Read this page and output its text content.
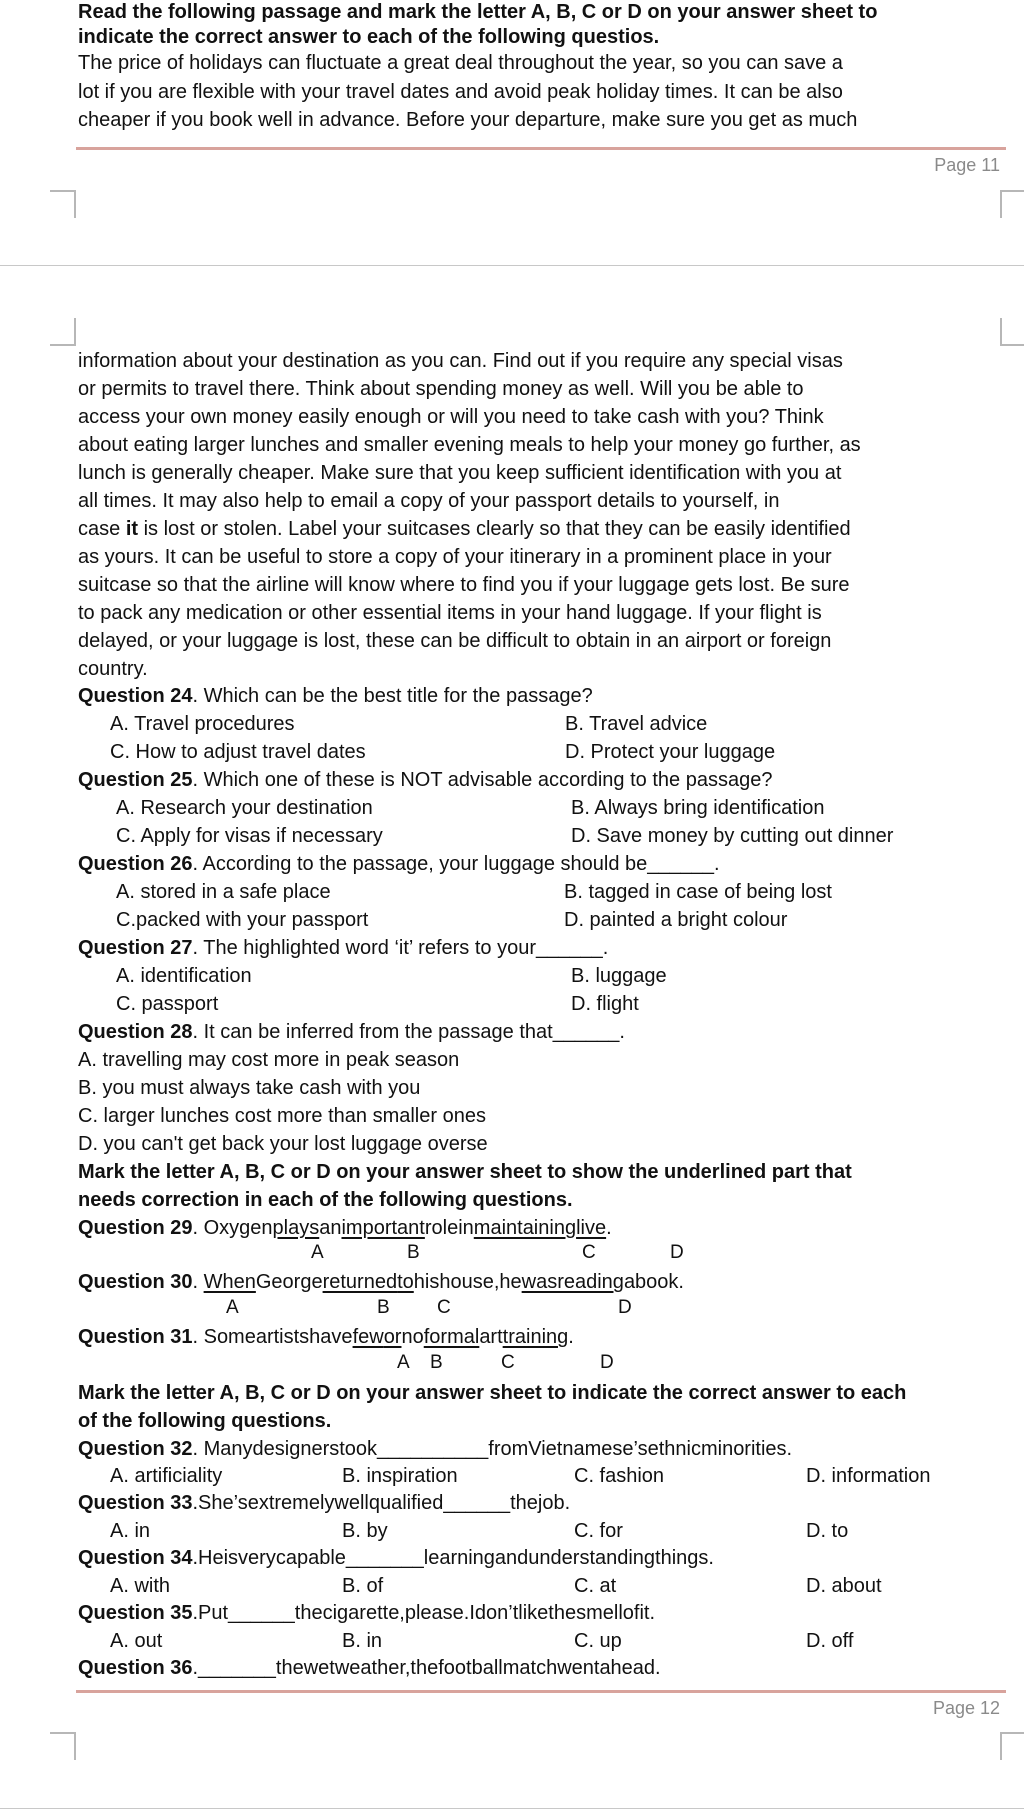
Read the following passage and mark the letter A, B, C or D on your answer sheet to
indicate the correct answer to each of the following questios.
The price of holidays can fluctuate a great deal throughout the year, so you can save a
lot if you are flexible with your travel dates and avoid peak holiday times. It can be also
cheaper if you book well in advance. Before your departure, make sure you get as much
Page 11
information about your destination as you can. Find out if you require any special visas
or permits to travel there. Think about spending money as well. Will you be able to
access your own money easily enough or will you need to take cash with you? Think
about eating larger lunches and smaller evening meals to help your money go further, as
lunch is generally cheaper. Make sure that you keep sufficient identification with you at
all times. It may also help to email a copy of your passport details to yourself, in
case it is lost or stolen. Label your suitcases clearly so that they can be easily identified
as yours. It can be useful to store a copy of your itinerary in a prominent place in your
suitcase so that the airline will know where to find you if your luggage gets lost. Be sure
to pack any medication or other essential items in your hand luggage. If your flight is
delayed, or your luggage is lost, these can be difficult to obtain in an airport or foreign
country.
Question 24. Which can be the best title for the passage?
A. Travel procedures	B. Travel advice
C. How to adjust travel dates	D. Protect your luggage
Question 25. Which one of these is NOT advisable according to the passage?
A. Research your destination	B. Always bring identification
C. Apply for visas if necessary	D. Save money by cutting out dinner
Question 26. According to the passage, your luggage should be______.
A. stored in a safe place	B. tagged in case of being lost
C.packed with your passport	D. painted a bright colour
Question 27. The highlighted word ‘it’ refers to your______.
A. identification	B. luggage
C. passport	D. flight
Question 28. It can be inferred from the passage that______.
A. travelling may cost more in peak season
B. you must always take cash with you
C. larger lunches cost more than smaller ones
D. you can't get back your lost luggage overse
Mark the letter A, B, C or D on your answer sheet to show the underlined part that
needs correction in each of the following questions.
Question 29. Oxygenplaysanimportantroleinmaintaininglive.
A	B	C	D
Question 30. WhenGeorgereturnedtohishouse,hewasreadingabook.
A	B C	D
Question 31. Someartistshavefewornoformalarttraining.
A B	C	D
Mark the letter A, B, C or D on your answer sheet to indicate the correct answer to each
of the following questions.
Question 32. Manydesignerstook__________fromVietnamese’sethnicminorities.
A. artificiality	B. inspiration	C. fashion	D. information
Question 33.She’sextremelywellqualified______thejob.
A. in	B. by	C. for	D. to
Question 34.Heisverycapable_______learningandunderstandingthings.
A. with	B. of	C. at	D. about
Question 35.Put______thecigarette,please.Idon’tlikethesmellofit.
A. out	B. in	C. up	D. off
Question 36._______thewetweather,thefootballmatchwentahead.
Page 12
